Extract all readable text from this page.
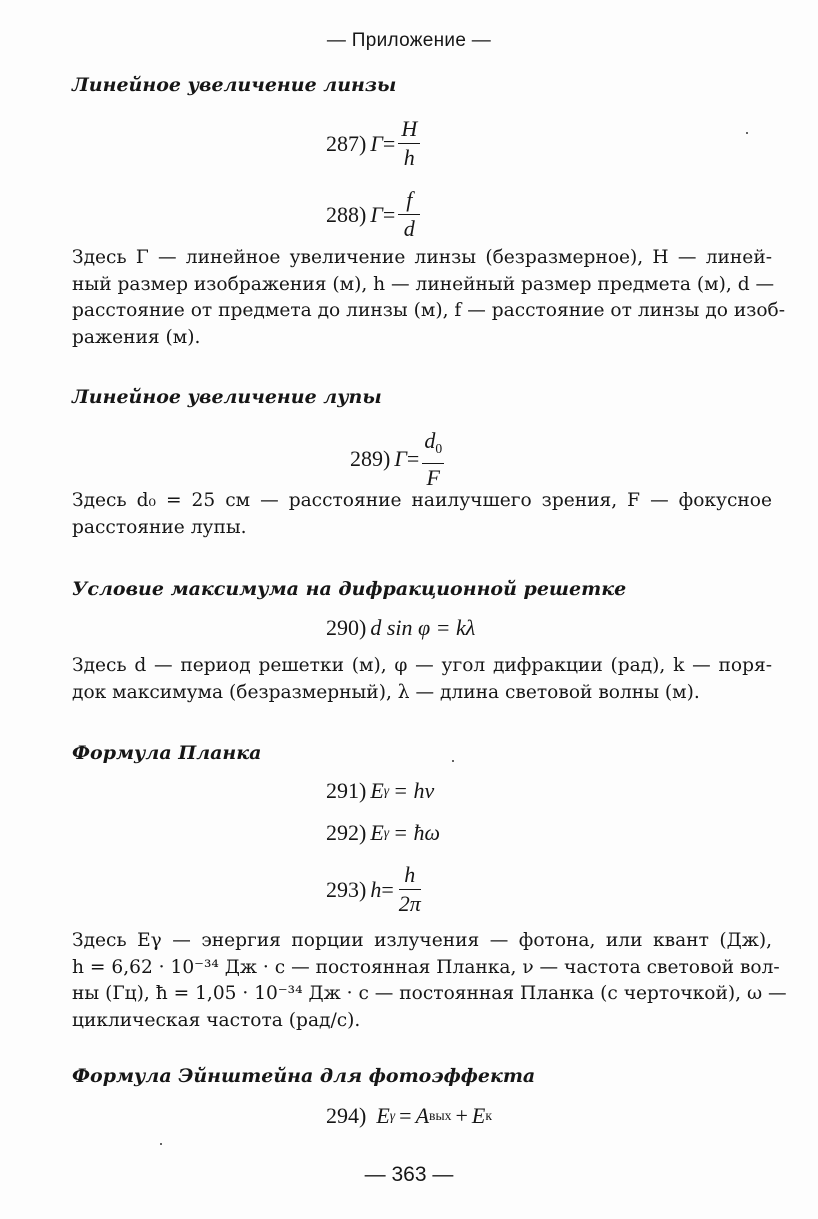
— Приложение —
Линейное увеличение линзы
287) $\Gamma = \frac{H}{h}$
288) $\Gamma = \frac{f}{d}$
Здесь Γ — линейное увеличение линзы (безразмерное), H — линей-
ный размер изображения (м), h — линейный размер предмета (м), d —
расстояние от предмета до линзы (м), f — расстояние от линзы до изоб-
ражения (м).
Линейное увеличение лупы
289) $\Gamma = \frac{d_0}{F}$
Здесь d₀ = 25 см — расстояние наилучшего зрения, F — фокусное
расстояние лупы.
Условие максимума на дифракционной решетке
290) d sin φ = kλ
Здесь d — период решетки (м), φ — угол дифракции (рад), k — поря-
док максимума (безразмерный), λ — длина световой волны (м).
Формула Планка
291) E γ = hν
292) E γ = ħω
293) $h = \frac{h}{2\pi}$
Здесь Eγ — энергия порции излучения — фотона, или квант (Дж),
h = 6,62 · 10⁻³⁴ Дж · с — постоянная Планка, ν — частота световой вол-
ны (Гц), ħ = 1,05 · 10⁻³⁴ Дж · с — постоянная Планка (с черточкой), ω —
циклическая частота (рад/с).
Формула Эйнштейна для фотоэффекта
294) E γ = A вых + E к
— 363 —
